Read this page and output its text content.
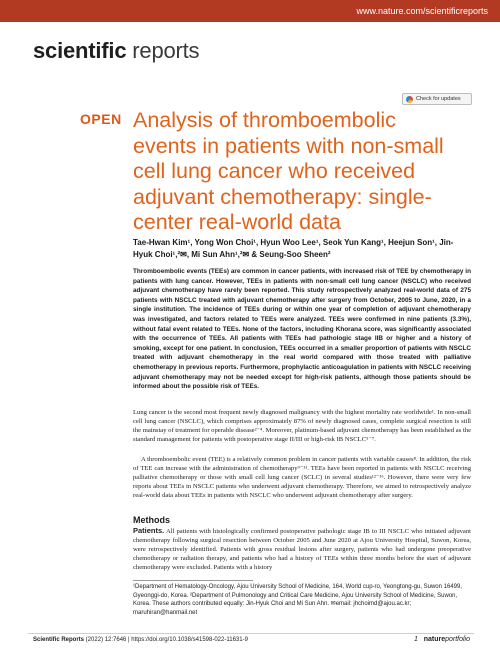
www.nature.com/scientificreports
scientific reports
Check for updates
OPEN Analysis of thromboembolic events in patients with non-small cell lung cancer who received adjuvant chemotherapy: single-center real-world data
Tae-Hwan Kim¹, Yong Won Choi¹, Hyun Woo Lee¹, Seok Yun Kang¹, Heejun Son¹, Jin-Hyuk Choi¹,²✉, Mi Sun Ahn¹,²✉ & Seung-Soo Sheen²

Thromboembolic events (TEEs) are common in cancer patients, with increased risk of TEE by chemotherapy in patients with lung cancer. However, TEEs in patients with non-small cell lung cancer (NSCLC) who received adjuvant chemotherapy have rarely been reported. This study retrospectively analyzed real-world data of 275 patients with NSCLC treated with adjuvant chemotherapy after surgery from October, 2005 to June, 2020, in a single institution. The incidence of TEEs during or within one year of completion of adjuvant chemotherapy was investigated, and factors related to TEEs were analyzed. TEEs were confirmed in nine patients (3.3%), without fatal event related to TEEs. None of the factors, including Khorana score, was significantly associated with the occurrence of TEEs. All patients with TEEs had pathologic stage IIB or higher and a history of smoking, except for one patient. In conclusion, TEEs occurred in a smaller proportion of patients with NSCLC treated with adjuvant chemotherapy in the real world compared with those treated with palliative chemotherapy in previous reports. Furthermore, prophylactic anticoagulation in patients with NSCLC receiving adjuvant chemotherapy may not be needed except for high-risk patients, although those patients should be informed about the possible risk of TEEs.

Lung cancer is the second most frequent newly diagnosed malignancy with the highest mortality rate worldwide¹. In non-small cell lung cancer (NSCLC), which comprises approximately 87% of newly diagnosed cases, complete surgical resection is still the mainstay of treatment for operable disease²⁻⁴. Moreover, platinum-based adjuvant chemotherapy has been established as the standard management for patients with postoperative stage II/III or high-risk IB NSCLC⁵⁻⁷.

A thromboembolic event (TEE) is a relatively common problem in cancer patients with variable causes⁸. In addition, the risk of TEE can increase with the administration of chemotherapy⁹⁻¹¹. TEEs have been reported in patients with NSCLC receiving palliative chemotherapy or those with small cell lung cancer (SCLC) in several studies¹²⁻¹⁶. However, there were very few reports about TEEs in NSCLC patients who underwent adjuvant chemotherapy. Therefore, we aimed to retrospectively analyze real-world data about TEEs in patients with NSCLC who underwent adjuvant chemotherapy after surgery.

Methods

Patients. All patients with histologically confirmed postoperative pathologic stage IB to III NSCLC who initiated adjuvant chemotherapy following surgical resection between October 2005 and June 2020 at Ajou University Hospital, Suwon, Korea, were retrospectively identified. Patients with gross residual lesions after surgery, patients who had undergone preoperative chemotherapy or radiation therapy, and patients who had a history of TEEs within three months before the start of adjuvant chemotherapy were excluded. Patients with a history

¹Department of Hematology-Oncology, Ajou University School of Medicine, 164, World cup-ro, Yeongtong-gu, Suwon 16499, Gyeonggi-do, Korea. ²Department of Pulmonology and Critical Care Medicine, Ajou University School of Medicine, Suwon, Korea. These authors contributed equally: Jin-Hyuk Choi and Mi Sun Ahn. ✉email: jhchoimd@ajou.ac.kr; maruhiran@hanmail.net

Scientific Reports (2022) 12:7646 | https://doi.org/10.1038/s41598-022-11631-9	1 natureportfolio
